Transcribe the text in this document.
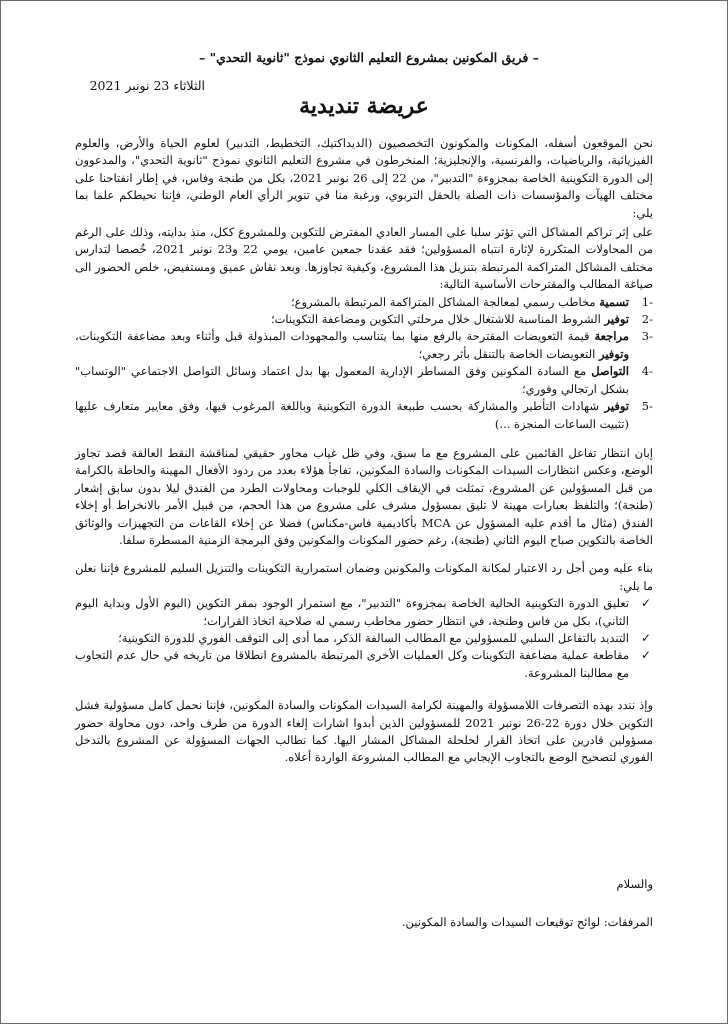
– فريق المكونين بمشروع التعليم الثانوي نموذج "ثانوية التحدي" –
الثلاثاء 23 نونبر 2021
عريضة تنديدية

نحن الموقعون أسفله، المكونات والمكونون التخصصيون (الديداكتيك، التخطيط، التدبير) لعلوم الحياة والأرض، والعلوم الفيزيائية، والرياضيات، والفرنسية، والإنجليزية؛ المنخرطون في مشروع التعليم الثانوي نموذج "ثانوية التحدي"، والمدعوون إلى الدورة التكوينية الخاصة بمجزوءة "التدبير"، من 22 إلى 26 نونبر 2021، بكل من طنجة وفاس، في إطار انفتاحنا على مختلف الهيآت والمؤسسات ذات الصلة بالحقل التربوي، ورغبة منا في تنوير الرأي العام الوطني، فإننا نحيطكم علما بما يلي:

على إثر تراكم المشاكل التي تؤثر سلبا على المسار العادي المفترض للتكوين وللمشروع ككل، منذ بدايته، وذلك على الرغم من المحاولات المتكررة لإثارة انتباه المسؤولين؛ فقد عقدنا جمعين عامين، يومي 22 و23 نونبر 2021، خُصصا لتدارس مختلف المشاكل المتراكمة المرتبطة بتنزيل هذا المشروع، وكيفية تجاوزها. وبعد نقاش عميق ومستفيض، خلص الحضور الى صياغة المطالب والمقترحات الأساسية التالية:

-1
تسمية مخاطب رسمي لمعالجة المشاكل المتراكمة المرتبطة بالمشروع؛
-2
توفير الشروط المناسبة للاشتغال خلال مرحلتي التكوين ومضاعفة التكوينات؛
-3
مراجعة قيمة التعويضات المقترحة بالرفع منها بما يتناسب والمجهودات المبذولة قبل وأثناء وبعد مضاعفة التكوينات، وتوفير التعويضات الخاصة بالتنقل بأثر رجعي؛
-4
التواصل مع السادة المكونين وفق المساطر الإدارية المعمول بها بدل اعتماد وسائل التواصل الاجتماعي "الوتساب" بشكل ارتجالي وفوري؛
-5
توفير شهادات التأطير والمشاركة بحسب طبيعة الدورة التكوينية وباللغة المرغوب فيها، وفق معايير متعارف عليها (تثبيت الساعات المنجزة ...)

إبان انتظار تفاعل القائمين على المشروع مع ما سبق، وفي ظل غياب محاور حقيقي لمناقشة النقط العالقة قصد تجاوز الوضع، وعكس انتظارات السيدات المكونات والسادة المكونين، تفاجأ هؤلاء بعدد من ردود الأفعال المهينة والحاطة بالكرامة من قبل المسؤولين عن المشروع، تمثلت في الإيقاف الكلي للوجبات ومحاولات الطرد من الفندق ليلا بدون سابق إشعار (طنجة)؛ والتلفظ بعبارات مهينة لا تليق بمسؤول مشرف على مشروع من هذا الحجم، من قبيل الأمر بالانخراط أو إخلاء الفندق (مثال ما أقدم عليه المسؤول عن MCA بأكاديمية فاس-مكناس) فضلا عن إخلاء القاعات من التجهيزات والوثائق الخاصة بالتكوين صباح اليوم الثاني (طنجة)، رغم حضور المكونات والمكونين وفق البرمجة الزمنية المسطرة سلفا.

بناء عليه ومن أجل رد الاعتبار لمكانة المكونات والمكونين وضمان استمرارية التكوينات والتنزيل السليم للمشروع فإننا نعلن ما يلي:

✓
تعليق الدورة التكوينية الحالية الخاصة بمجزوءة "التدبير"، مع استمرار الوجود بمقر التكوين (اليوم الأول وبداية اليوم الثاني)، بكل من فاس وطنجة، في انتظار حضور مخاطب رسمي له صلاحية اتخاذ القرارات؛
✓
التنديد بالتفاعل السلبي للمسؤولين مع المطالب السالفة الذكر، مما أدى إلى التوقف الفوري للدورة التكوينية؛
✓
مقاطعة عملية مضاعفة التكوينات وكل العمليات الأخرى المرتبطة بالمشروع انطلاقا من تاريخه في حال عدم التجاوب مع مطالبنا المشروعة.

وإذ نندد بهذه التصرفات اللامسؤولة والمهينة لكرامة السيدات المكونات والسادة المكونين، فإننا نحمل كامل مسؤولية فشل التكوين خلال دورة 22-26 نونبر 2021 للمسؤولين الذين أبدوا اشارات إلغاء الدورة من طرف واحد، دون محاولة حضور مسؤولين قادرين على اتخاذ القرار لحلحلة المشاكل المشار اليها. كما نطالب الجهات المسؤولة عن المشروع بالتدخل الفوري لتصحيح الوضع بالتجاوب الإيجابي مع المطالب المشروعة الواردة أعلاه.

والسلام
المرفقات: لوائح توقيعات السيدات والسادة المكونين.
